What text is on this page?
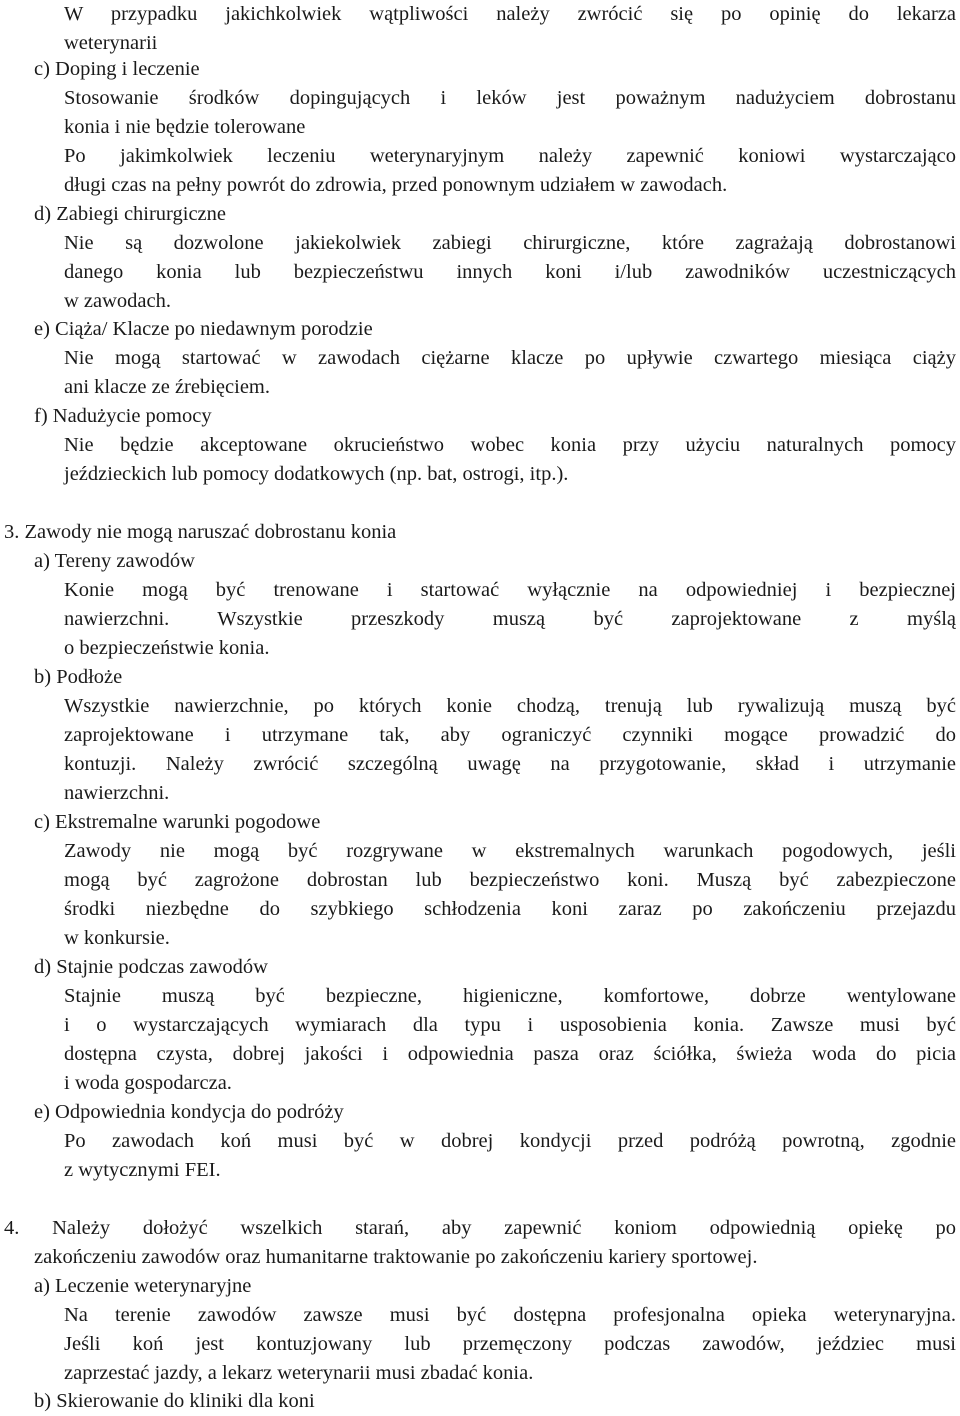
W przypadku jakichkolwiek wątpliwości należy zwrócić się po opinię do lekarza
weterynarii
c) Doping i leczenie
Stosowanie środków dopingujących i leków jest poważnym nadużyciem dobrostanu
konia i nie będzie tolerowane
Po jakimkolwiek leczeniu weterynaryjnym należy zapewnić koniowi wystarczająco
długi czas na pełny powrót do zdrowia, przed ponownym udziałem w zawodach.
d) Zabiegi chirurgiczne
Nie są dozwolone jakiekolwiek zabiegi chirurgiczne, które zagrażają dobrostanowi
danego konia lub bezpieczeństwu innych koni i/lub zawodników uczestniczących
w zawodach.
e) Ciąża/ Klacze po niedawnym porodzie
Nie mogą startować w zawodach ciężarne klacze po upływie czwartego miesiąca ciąży
ani klacze ze źrebięciem.
f) Nadużycie pomocy
Nie będzie akceptowane okrucieństwo wobec konia przy użyciu naturalnych pomocy
jeździeckich lub pomocy dodatkowych (np. bat, ostrogi, itp.).
3. Zawody nie mogą naruszać dobrostanu konia
a) Tereny zawodów
Konie mogą być trenowane i startować wyłącznie na odpowiedniej i bezpiecznej
nawierzchni. Wszystkie przeszkody muszą być zaprojektowane z myślą
o bezpieczeństwie konia.
b) Podłoże
Wszystkie nawierzchnie, po których konie chodzą, trenują lub rywalizują muszą być
zaprojektowane i utrzymane tak, aby ograniczyć czynniki mogące prowadzić do
kontuzji. Należy zwrócić szczególną uwagę na przygotowanie, skład i utrzymanie
nawierzchni.
c) Ekstremalne warunki pogodowe
Zawody nie mogą być rozgrywane w ekstremalnych warunkach pogodowych, jeśli
mogą być zagrożone dobrostan lub bezpieczeństwo koni. Muszą być zabezpieczone
środki niezbędne do szybkiego schłodzenia koni zaraz po zakończeniu przejazdu
w konkursie.
d) Stajnie podczas zawodów
Stajnie muszą być bezpieczne, higieniczne, komfortowe, dobrze wentylowane
i o wystarczających wymiarach dla typu i usposobienia konia. Zawsze musi być
dostępna czysta, dobrej jakości i odpowiednia pasza oraz ściółka, świeża woda do picia
i woda gospodarcza.
e) Odpowiednia kondycja do podróży
Po zawodach koń musi być w dobrej kondycji przed podróżą powrotną, zgodnie
z wytycznymi FEI.
4. Należy dołożyć wszelkich starań, aby zapewnić koniom odpowiednią opiekę po
zakończeniu zawodów oraz humanitarne traktowanie po zakończeniu kariery sportowej.
a) Leczenie weterynaryjne
Na terenie zawodów zawsze musi być dostępna profesjonalna opieka weterynaryjna.
Jeśli koń jest kontuzjowany lub przemęczony podczas zawodów, jeździec musi
zaprzestać jazdy, a lekarz weterynarii musi zbadać konia.
b) Skierowanie do kliniki dla koni
